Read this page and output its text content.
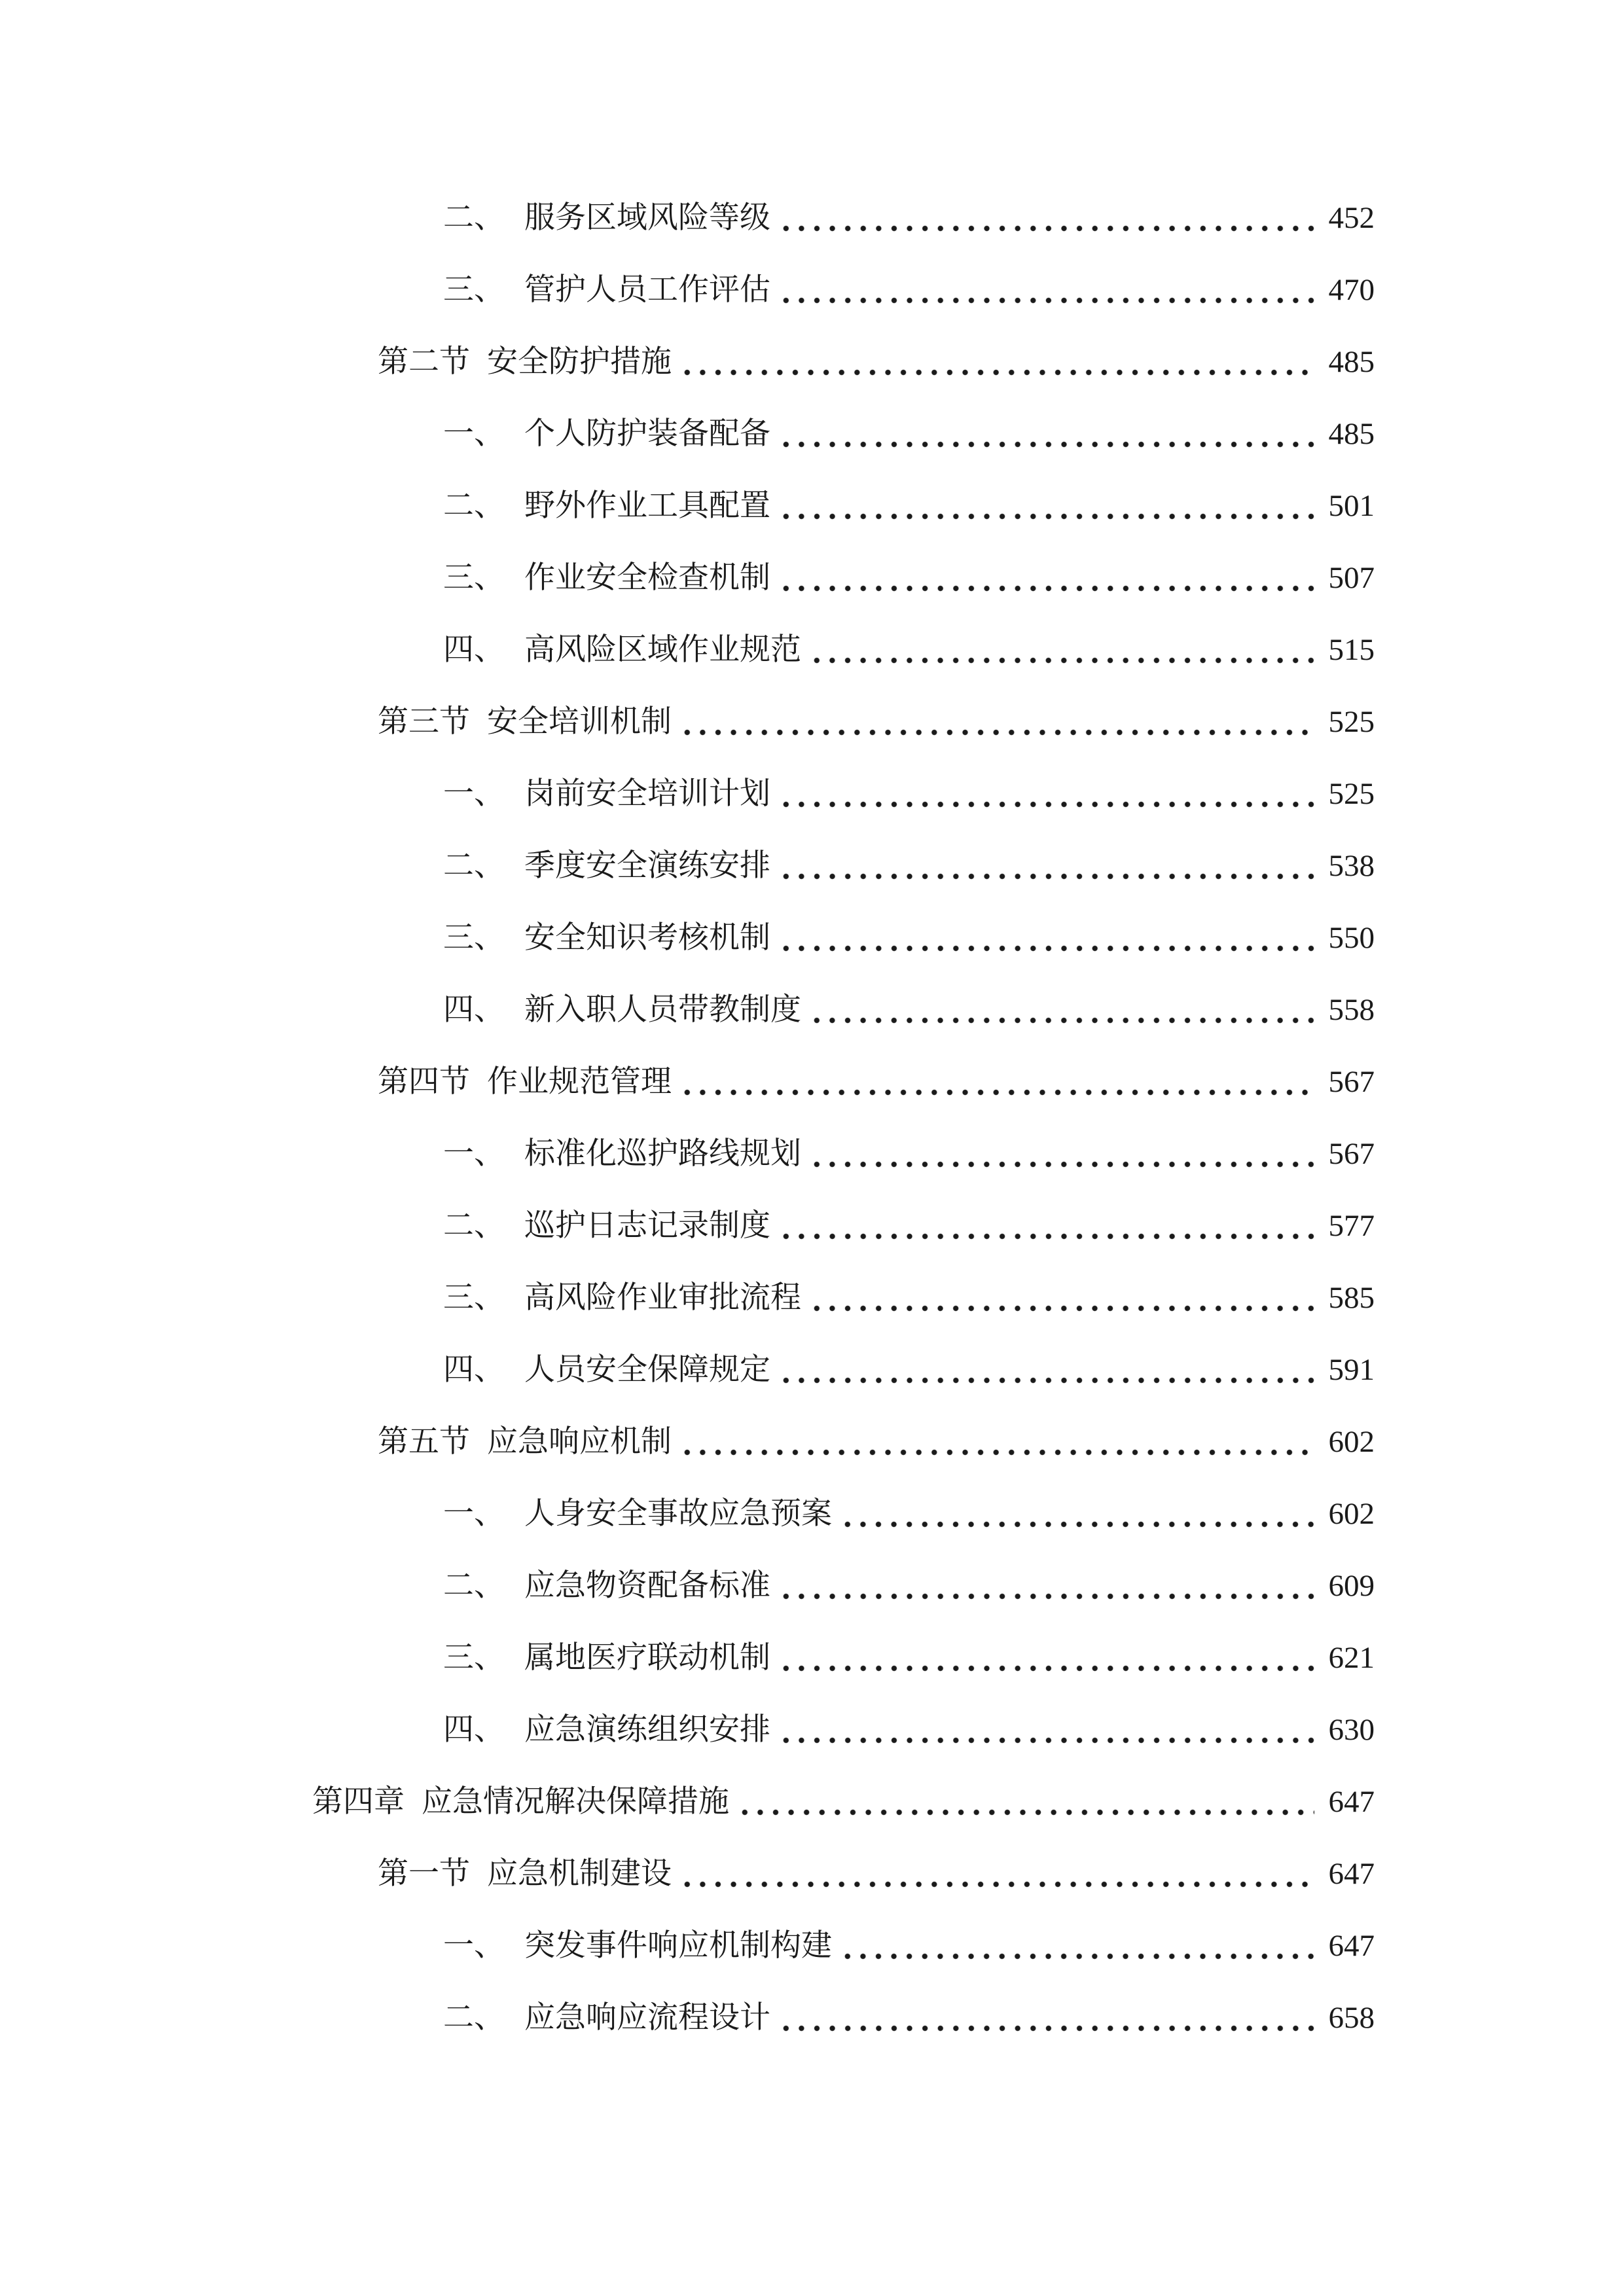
二、 服务区域风险等级	452
三、 管护人员工作评估	470
第二节 安全防护措施	485
一、 个人防护装备配备	485
二、 野外作业工具配置	501
三、 作业安全检查机制	507
四、 高风险区域作业规范	515
第三节 安全培训机制	525
一、 岗前安全培训计划	525
二、 季度安全演练安排	538
三、 安全知识考核机制	550
四、 新入职人员带教制度	558
第四节 作业规范管理	567
一、 标准化巡护路线规划	567
二、 巡护日志记录制度	577
三、 高风险作业审批流程	585
四、 人员安全保障规定	591
第五节 应急响应机制	602
一、 人身安全事故应急预案	602
二、 应急物资配备标准	609
三、 属地医疗联动机制	621
四、 应急演练组织安排	630
第四章 应急情况解决保障措施	647
第一节 应急机制建设	647
一、 突发事件响应机制构建	647
二、 应急响应流程设计	658
